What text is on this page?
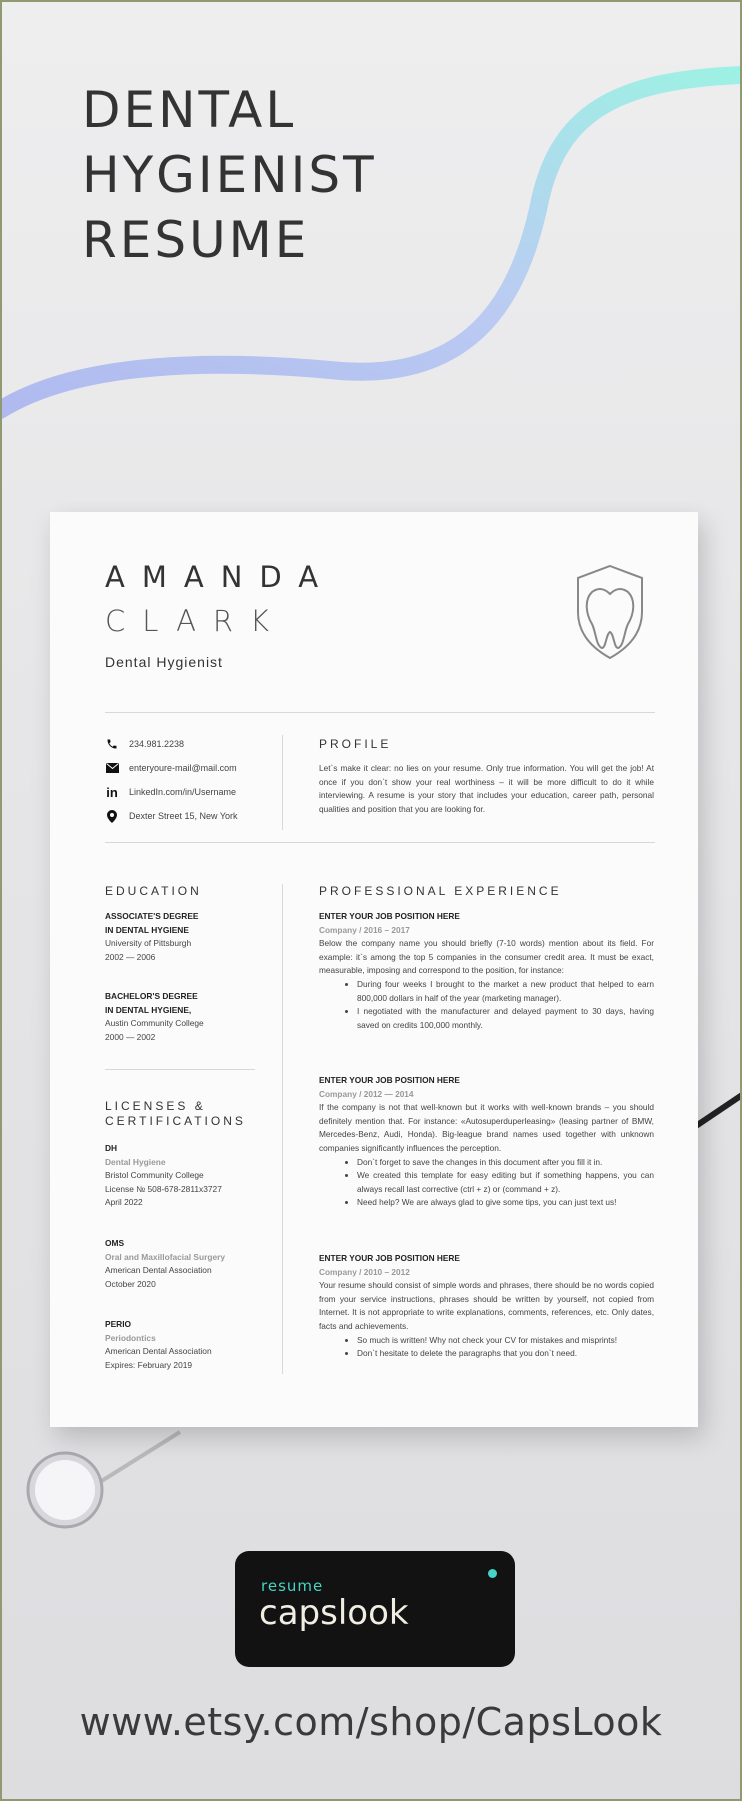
DENTAL
HYGIENIST
RESUME
AMANDA
CLARK
Dental Hygienist
234.981.2238
enteryoure-mail@mail.com
in LinkedIn.com/in/Username
Dexter Street 15, New York
PROFILE
Let`s make it clear: no lies on your resume. Only true information. You will get the job! At once if you don`t show your real worthiness – it will be more difficult to do it while interviewing. A resume is your story that includes your education, career path, personal qualities and position that you are looking for.
EDUCATION
ASSOCIATE'S DEGREE
IN DENTAL HYGIENE
University of Pittsburgh
2002 — 2006
BACHELOR'S DEGREE
IN DENTAL HYGIENE,
Austin Community College
2000 — 2002
LICENSES &
CERTIFICATIONS
DH
Dental Hygiene
Bristol Community College
License № 508-678-2811x3727
April 2022
OMS
Oral and Maxillofacial Surgery
American Dental Association
October 2020
PERIO
Periodontics
American Dental Association
Expires: February 2019
PROFESSIONAL EXPERIENCE
ENTER YOUR JOB POSITION HERE
Company / 2016 – 2017

Below the company name you should briefly (7-10 words) mention about its field. For example: it`s among the top 5 companies in the consumer credit area. It must be exact, measurable, imposing and correspond to the position, for instance:

• During four weeks I brought to the market a new product that helped to earn 800,000 dollars in half of the year (marketing manager).
• I negotiated with the manufacturer and delayed payment to 30 days, having saved on credits 100,000 monthly.
ENTER YOUR JOB POSITION HERE
Company / 2012 — 2014

If the company is not that well-known but it works with well-known brands – you should definitely mention that. For instance: «Autosuperduperleasing» (leasing partner of BMW, Mercedes-Benz, Audi, Honda). Big-league brand names used together with unknown companies significantly influences the perception.

• Don`t forget to save the changes in this document after you fill it in.
• We created this template for easy editing but if something happens, you can always recall last corrective (ctrl + z) or (command + z).
• Need help? We are always glad to give some tips, you can just text us!
ENTER YOUR JOB POSITION HERE
Company / 2010 – 2012

Your resume should consist of simple words and phrases, there should be no words copied from your service instructions, phrases should be written by yourself, not copied from Internet. It is not appropriate to write explanations, comments, references, etc. Only dates, facts and achievements.

• So much is written! Why not check your CV for mistakes and misprints!
• Don`t hesitate to delete the paragraphs that you don`t need.
resume
capslook
www.etsy.com/shop/CapsLook
